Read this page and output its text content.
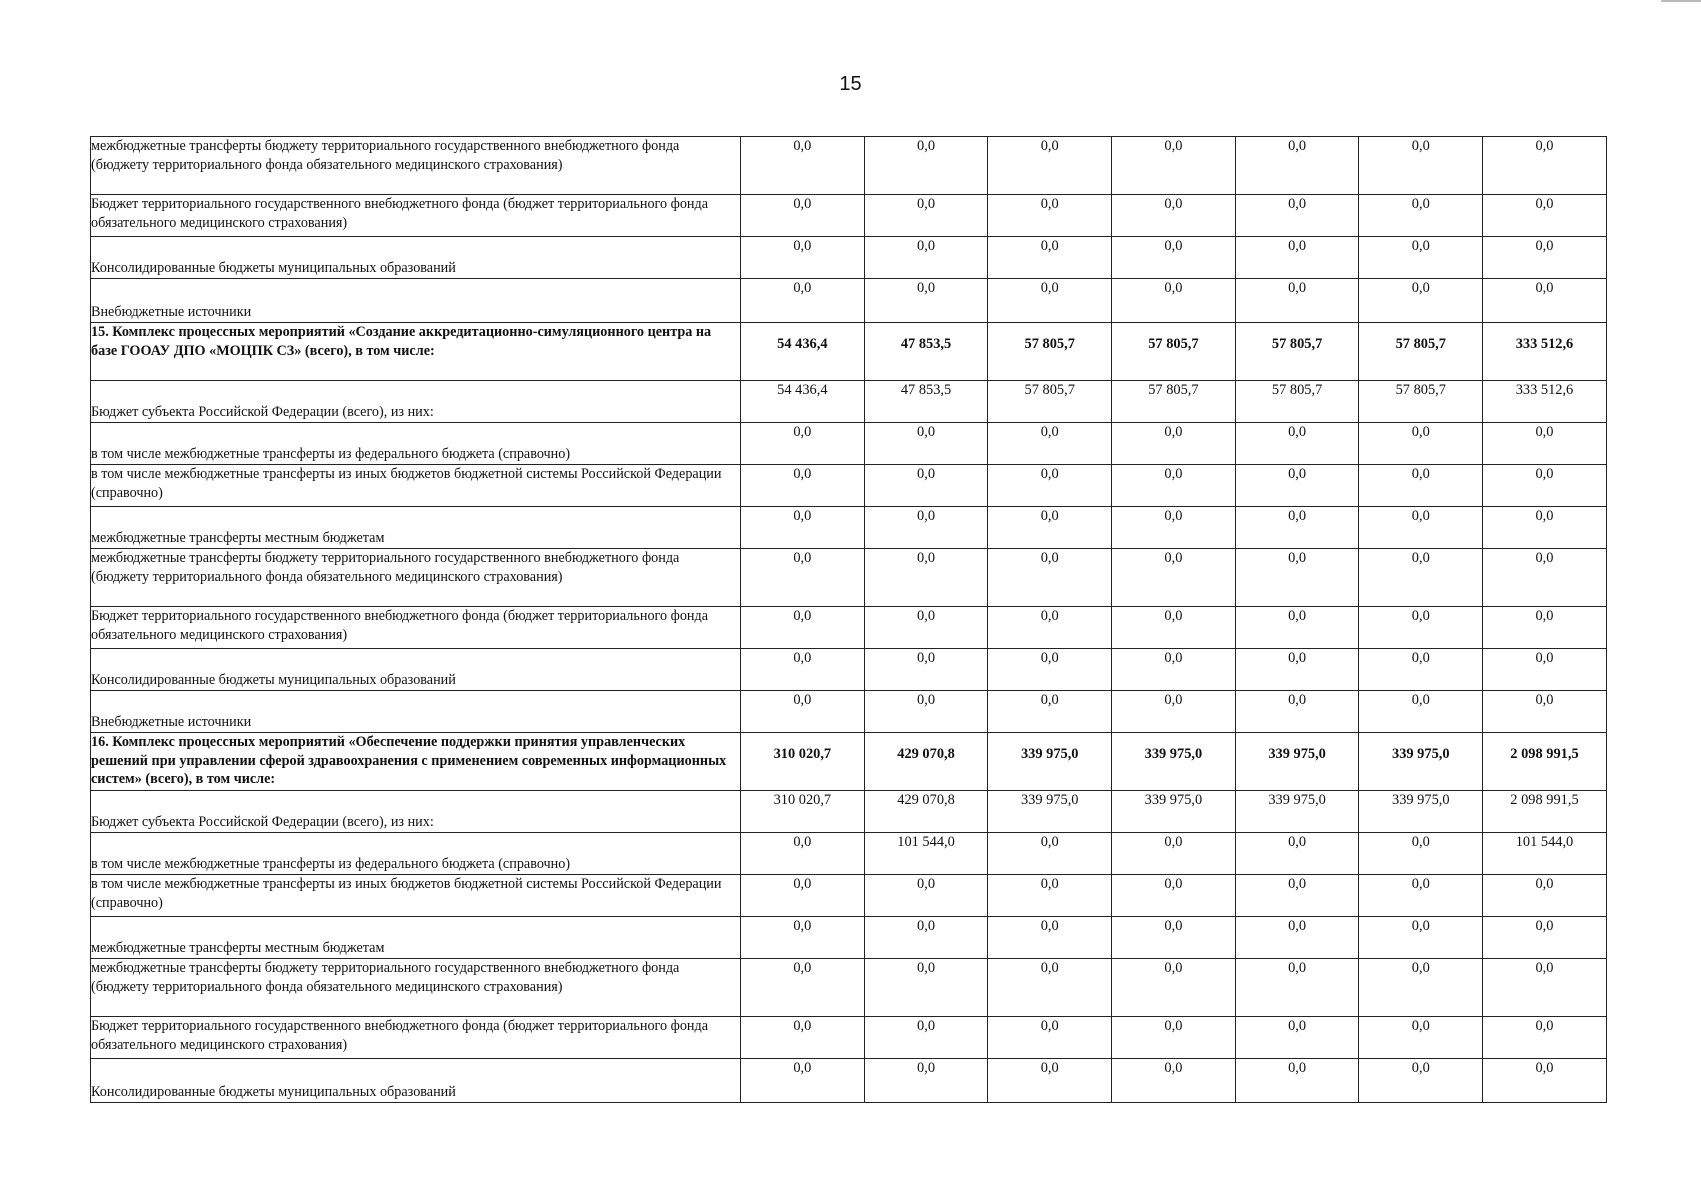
15
межбюджетные трансферты бюджету территориального государственного внебюджетного фонда (бюджету территориального фонда обязательного медицинского страхования)	0,0	0,0	0,0	0,0	0,0	0,0	0,0
Бюджет территориального государственного внебюджетного фонда (бюджет территориального фонда обязательного медицинского страхования)	0,0	0,0	0,0	0,0	0,0	0,0	0,0
Консолидированные бюджеты муниципальных образований	0,0	0,0	0,0	0,0	0,0	0,0	0,0
Внебюджетные источники	0,0	0,0	0,0	0,0	0,0	0,0	0,0
15. Комплекс процессных мероприятий «Создание аккредитационно-симуляционного центра на базе ГООАУ ДПО «МОЦПК СЗ» (всего), в том числе:	54 436,4	47 853,5	57 805,7	57 805,7	57 805,7	57 805,7	333 512,6
Бюджет субъекта Российской Федерации (всего), из них:	54 436,4	47 853,5	57 805,7	57 805,7	57 805,7	57 805,7	333 512,6
в том числе межбюджетные трансферты из федерального бюджета (справочно)	0,0	0,0	0,0	0,0	0,0	0,0	0,0
в том числе межбюджетные трансферты из иных бюджетов бюджетной системы Российской Федерации (справочно)	0,0	0,0	0,0	0,0	0,0	0,0	0,0
межбюджетные трансферты местным бюджетам	0,0	0,0	0,0	0,0	0,0	0,0	0,0
межбюджетные трансферты бюджету территориального государственного внебюджетного фонда (бюджету территориального фонда обязательного медицинского страхования)	0,0	0,0	0,0	0,0	0,0	0,0	0,0
Бюджет территориального государственного внебюджетного фонда (бюджет территориального фонда обязательного медицинского страхования)	0,0	0,0	0,0	0,0	0,0	0,0	0,0
Консолидированные бюджеты муниципальных образований	0,0	0,0	0,0	0,0	0,0	0,0	0,0
Внебюджетные источники	0,0	0,0	0,0	0,0	0,0	0,0	0,0
16. Комплекс процессных мероприятий «Обеспечение поддержки принятия управленческих решений при управлении сферой здравоохранения с применением современных информационных систем» (всего), в том числе:	310 020,7	429 070,8	339 975,0	339 975,0	339 975,0	339 975,0	2 098 991,5
Бюджет субъекта Российской Федерации (всего), из них:	310 020,7	429 070,8	339 975,0	339 975,0	339 975,0	339 975,0	2 098 991,5
в том числе межбюджетные трансферты из федерального бюджета (справочно)	0,0	101 544,0	0,0	0,0	0,0	0,0	101 544,0
в том числе межбюджетные трансферты из иных бюджетов бюджетной системы Российской Федерации (справочно)	0,0	0,0	0,0	0,0	0,0	0,0	0,0
межбюджетные трансферты местным бюджетам	0,0	0,0	0,0	0,0	0,0	0,0	0,0
межбюджетные трансферты бюджету территориального государственного внебюджетного фонда (бюджету территориального фонда обязательного медицинского страхования)	0,0	0,0	0,0	0,0	0,0	0,0	0,0
Бюджет территориального государственного внебюджетного фонда (бюджет территориального фонда обязательного медицинского страхования)	0,0	0,0	0,0	0,0	0,0	0,0	0,0
Консолидированные бюджеты муниципальных образований	0,0	0,0	0,0	0,0	0,0	0,0	0,0
